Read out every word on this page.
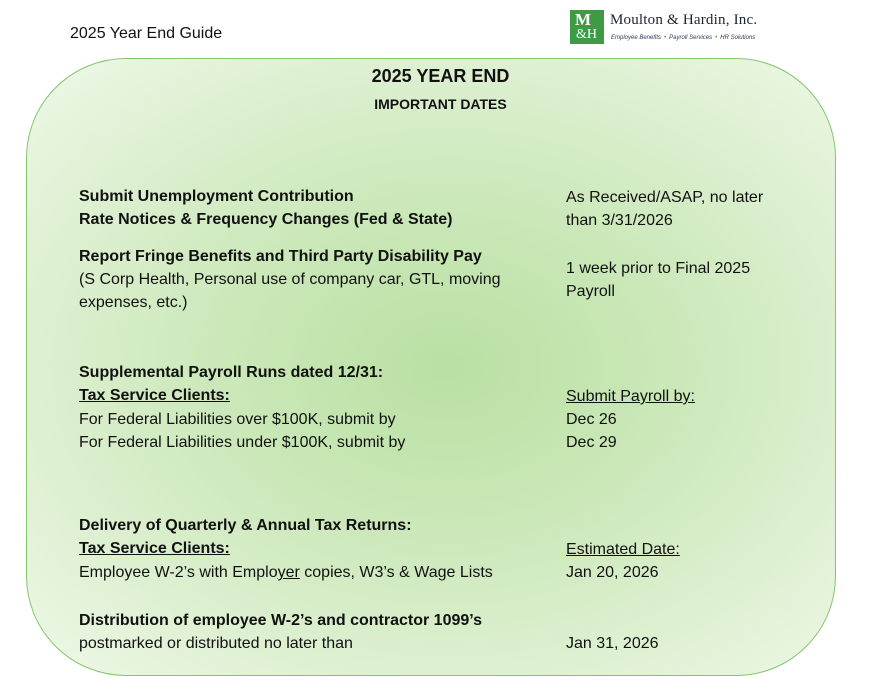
2025 Year End Guide
M
&H
Moulton & Hardin, Inc.
Employee Benefits • Payroll Services • HR Solutions
2025 YEAR END
IMPORTANT DATES
Submit Unemployment Contribution
Rate Notices & Frequency Changes (Fed & State)
As Received/ASAP, no later
than 3/31/2026
Report Fringe Benefits and Third Party Disability Pay
(S Corp Health, Personal use of company car, GTL, moving
expenses, etc.)
1 week prior to Final 2025
Payroll
Supplemental Payroll Runs dated 12/31:
Tax Service Clients:
For Federal Liabilities over $100K, submit by
For Federal Liabilities under $100K, submit by
Submit Payroll by:
Dec 26
Dec 29
Delivery of Quarterly & Annual Tax Returns:
Tax Service Clients:
Employee W-2’s with Employer copies, W3’s & Wage Lists
Estimated Date:
Jan 20, 2026
Distribution of employee W-2’s and contractor 1099’s
postmarked or distributed no later than	Jan 31, 2026
